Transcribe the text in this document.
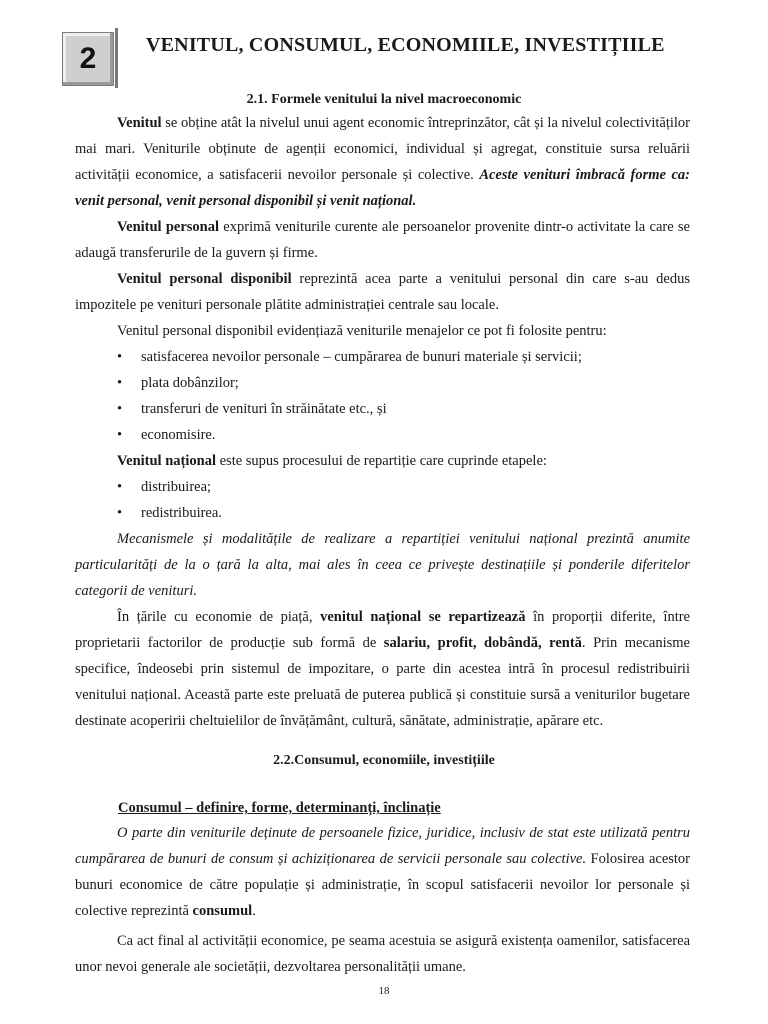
2 VENITUL, CONSUMUL, ECONOMIILE, INVESTIȚIILE
2.1. Formele venitului la nivel macroeconomic

Venitul se obține atât la nivelul unui agent economic întreprinzător, cât și la nivelul colectivităților mai mari. Veniturile obținute de agenții economici, individual și agregat, constituie sursa reluării activității economice, a satisfacerii nevoilor personale și colective. Aceste venituri îmbracă forme ca: venit personal, venit personal disponibil și venit național.

Venitul personal exprimă veniturile curente ale persoanelor provenite dintr-o activitate la care se adaugă transferurile de la guvern și firme.

Venitul personal disponibil reprezintă acea parte a venitului personal din care s-au dedus impozitele pe venituri personale plătite administrației centrale sau locale.

Venitul personal disponibil evidențiază veniturile menajelor ce pot fi folosite pentru:

• satisfacerea nevoilor personale – cumpărarea de bunuri materiale și servicii;
• plata dobânzilor;
• transferuri de venituri în străinătate etc., și
• economisire.

Venitul național este supus procesului de repartiție care cuprinde etapele:

• distribuirea;
• redistribuirea.

Mecanismele și modalitățile de realizare a repartiției venitului național prezintă anumite particularități de la o țară la alta, mai ales în ceea ce privește destinațiile și ponderile diferitelor categorii de venituri.

În țările cu economie de piață, venitul național se repartizează în proporții diferite, între proprietarii factorilor de producție sub formă de salariu, profit, dobândă, rentă. Prin mecanisme specifice, îndeosebi prin sistemul de impozitare, o parte din acestea intră în procesul redistribuirii venitului național. Această parte este preluată de puterea publică și constituie sursă a veniturilor bugetare destinate acoperirii cheltuielilor de învățământ, cultură, sănătate, administrație, apărare etc.

2.2.Consumul, economiile, investițiile
Consumul – definire, forme, determinanți, înclinație

O parte din veniturile deținute de persoanele fizice, juridice, inclusiv de stat este utilizată pentru cumpărarea de bunuri de consum și achiziționarea de servicii personale sau colective. Folosirea acestor bunuri economice de către populație și administrație, în scopul satisfacerii nevoilor lor personale și colective reprezintă consumul.

Ca act final al activității economice, pe seama acestuia se asigură existența oamenilor, satisfacerea unor nevoi generale ale societății, dezvoltarea personalității umane.

18
